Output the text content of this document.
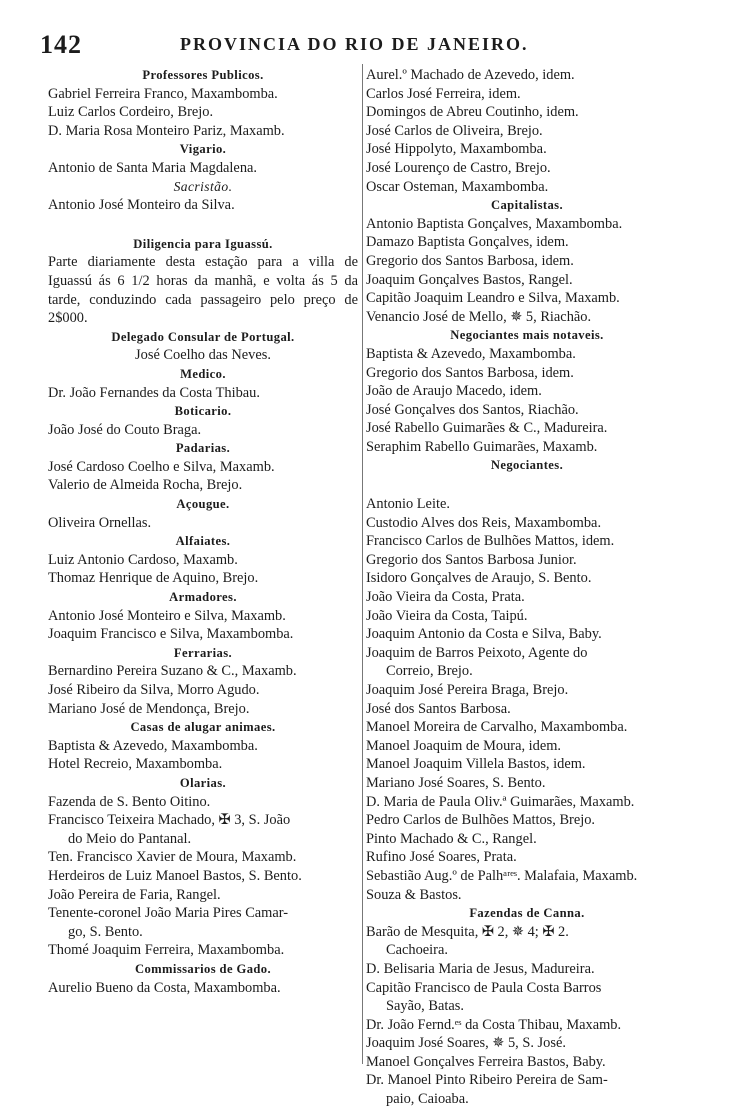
142	PROVINCIA DO RIO DE JANEIRO.
Professores Publicos.
Gabriel Ferreira Franco, Maxambomba.
Luiz Carlos Cordeiro, Brejo.
D. Maria Rosa Monteiro Pariz, Maxamb.
Vigario.
Antonio de Santa Maria Magdalena.
Sacristão.
Antonio José Monteiro da Silva.
Diligencia para Iguassú.
Parte diariamente desta estação para a villa de Iguassú ás 6 1/2 horas da manhã, e volta ás 5 da tarde, conduzindo cada passageiro pelo preço de 2$000.
Delegado Consular de Portugal.
José Coelho das Neves.
Medico.
Dr. João Fernandes da Costa Thibau.
Boticario.
João José do Couto Braga.
Padarias.
José Cardoso Coelho e Silva, Maxamb.
Valerio de Almeida Rocha, Brejo.
Açougue.
Oliveira Ornellas.
Alfaiates.
Luiz Antonio Cardoso, Maxamb.
Thomaz Henrique de Aquino, Brejo.
Armadores.
Antonio José Monteiro e Silva, Maxamb.
Joaquim Francisco e Silva, Maxambomba.
Ferrarias.
Bernardino Pereira Suzano & C., Maxamb.
José Ribeiro da Silva, Morro Agudo.
Mariano José de Mendonça, Brejo.
Casas de alugar animaes.
Baptista & Azevedo, Maxambomba.
Hotel Recreio, Maxambomba.
Olarias.
Fazenda de S. Bento Oitino.
Francisco Teixeira Machado, ✠ 3, S. João
do Meio do Pantanal.
Ten. Francisco Xavier de Moura, Maxamb.
Herdeiros de Luiz Manoel Bastos, S. Bento.
João Pereira de Faria, Rangel.
Tenente-coronel João Maria Pires Camar-
go, S. Bento.
Thomé Joaquim Ferreira, Maxambomba.
Commissarios de Gado.
Aurelio Bueno da Costa, Maxambomba.
Aurel.º Machado de Azevedo, idem.
Carlos José Ferreira, idem.
Domingos de Abreu Coutinho, idem.
José Carlos de Oliveira, Brejo.
José Hippolyto, Maxambomba.
José Lourenço de Castro, Brejo.
Oscar Osteman, Maxambomba.
Capitalistas.
Antonio Baptista Gonçalves, Maxambomba.
Damazo Baptista Gonçalves, idem.
Gregorio dos Santos Barbosa, idem.
Joaquim Gonçalves Bastos, Rangel.
Capitão Joaquim Leandro e Silva, Maxamb.
Venancio José de Mello, ✵ 5, Riachão.
Negociantes mais notaveis.
Baptista & Azevedo, Maxambomba.
Gregorio dos Santos Barbosa, idem.
João de Araujo Macedo, idem.
José Gonçalves dos Santos, Riachão.
José Rabello Guimarães & C., Madureira.
Seraphim Rabello Guimarães, Maxamb.
Negociantes.
Antonio Leite.
Custodio Alves dos Reis, Maxambomba.
Francisco Carlos de Bulhões Mattos, idem.
Gregorio dos Santos Barbosa Junior.
Isidoro Gonçalves de Araujo, S. Bento.
João Vieira da Costa, Prata.
João Vieira da Costa, Taipú.
Joaquim Antonio da Costa e Silva, Baby.
Joaquim de Barros Peixoto, Agente do
Correio, Brejo.
Joaquim José Pereira Braga, Brejo.
José dos Santos Barbosa.
Manoel Moreira de Carvalho, Maxambomba.
Manoel Joaquim de Moura, idem.
Manoel Joaquim Villela Bastos, idem.
Mariano José Soares, S. Bento.
D. Maria de Paula Oliv.ª Guimarães, Maxamb.
Pedro Carlos de Bulhões Mattos, Brejo.
Pinto Machado & C., Rangel.
Rufino José Soares, Prata.
Sebastião Aug.º de Palhᵃʳᵉˢ. Malafaia, Maxamb.
Souza & Bastos.
Fazendas de Canna.
Barão de Mesquita, ✠ 2, ✵ 4; ✠ 2.
Cachoeira.
D. Belisaria Maria de Jesus, Madureira.
Capitão Francisco de Paula Costa Barros
Sayão, Batas.
Dr. João Fernd.ᵉˢ da Costa Thibau, Maxamb.
Joaquim José Soares, ✵ 5, S. José.
Manoel Gonçalves Ferreira Bastos, Baby.
Dr. Manoel Pinto Ribeiro Pereira de Sam-
paio, Caioaba.
